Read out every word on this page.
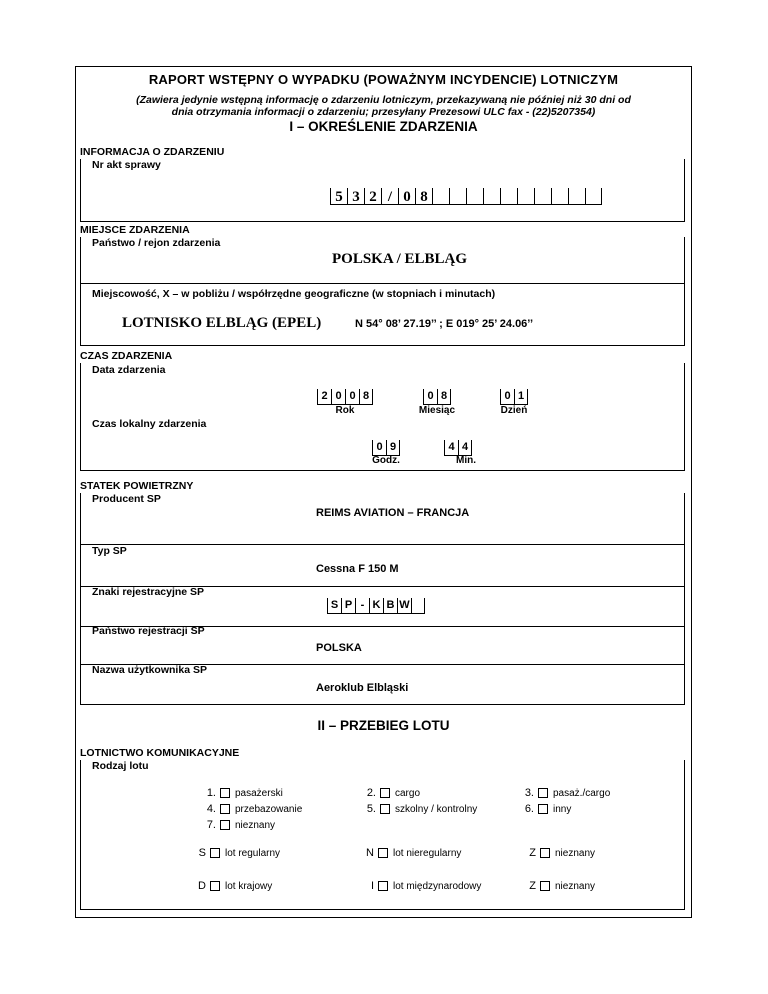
RAPORT WSTĘPNY O WYPADKU (POWAŻNYM INCYDENCIE) LOTNICZYM
(Zawiera jedynie wstępną informację o zdarzeniu lotniczym, przekazywaną nie później niż 30 dni od
dnia otrzymania informacji o zdarzeniu; przesyłany Prezesowi ULC fax - (22)5207354)
I – OKREŚLENIE ZDARZENIA
INFORMACJA O ZDARZENIU
Nr akt sprawy
5 3 2 / 0 8
MIEJSCE ZDARZENIA
Państwo / rejon zdarzenia
POLSKA / ELBLĄG
Miejscowość, X – w pobliżu / współrzędne geograficzne (w stopniach i minutach)
LOTNISKO ELBLĄG (EPEL)	N 54° 08’ 27.19’’ ; E 019° 25’ 24.06’’
CZAS ZDARZENIA
Data zdarzenia
2 0 0 8
Rok
0 8
Miesiąc
0 1
Dzień
Czas lokalny zdarzenia
0 9
Godz.
4 4
Min.
STATEK POWIETRZNY
Producent SP
REIMS AVIATION – FRANCJA
Typ SP
Cessna F 150 M
Znaki rejestracyjne SP
S P - K B W
Państwo rejestracji SP
POLSKA
Nazwa użytkownika SP
Aeroklub Elbląski
II – PRZEBIEG LOTU
LOTNICTWO KOMUNIKACYJNE
Rodzaj lotu
1. pasażerski	2. cargo	3. pasaż./cargo
4. przebazowanie	5. szkolny / kontrolny	6. inny
7. nieznany
S lot regularny	N lot nieregularny	Z nieznany
D lot krajowy	I lot międzynarodowy	Z nieznany
